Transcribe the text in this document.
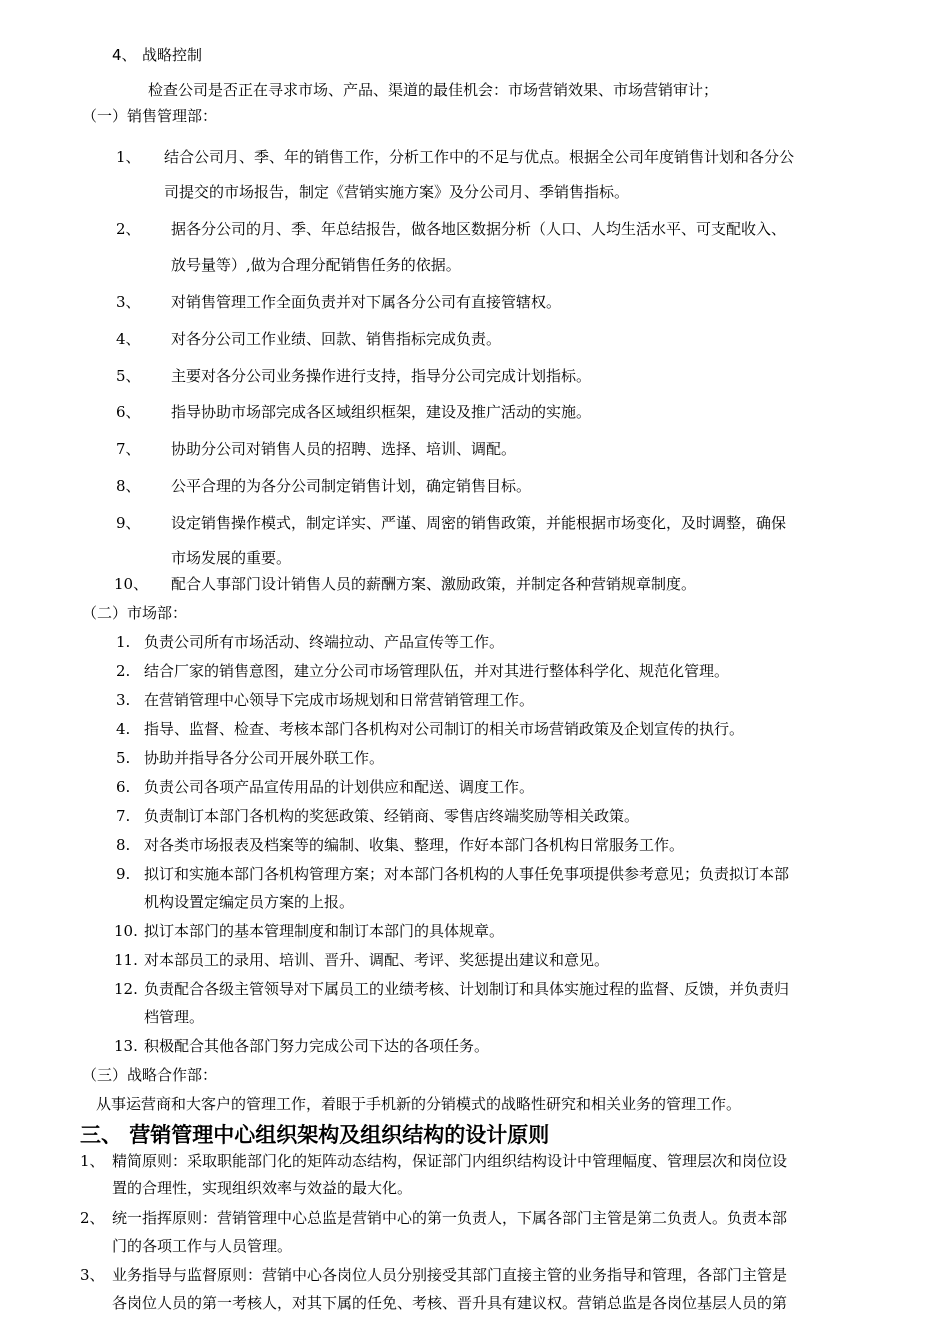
4、 战略控制
检查公司是否正在寻求市场、产品、渠道的最佳机会：市场营销效果、市场营销审计；
（一）销售管理部：
1、 结合公司月、季、年的销售工作，分析工作中的不足与优点。根据全公司年度销售计划和各分公
司提交的市场报告，制定《营销实施方案》及分公司月、季销售指标。
2、 据各分公司的月、季、年总结报告，做各地区数据分析（人口、人均生活水平、可支配收入、
放号量等）,做为合理分配销售任务的依据。
3、 对销售管理工作全面负责并对下属各分公司有直接管辖权。
4、 对各分公司工作业绩、回款、销售指标完成负责。
5、 主要对各分公司业务操作进行支持，指导分公司完成计划指标。
6、 指导协助市场部完成各区域组织框架，建设及推广活动的实施。
7、 协助分公司对销售人员的招聘、选择、培训、调配。
8、 公平合理的为各分公司制定销售计划，确定销售目标。
9、 设定销售操作模式，制定详实、严谨、周密的销售政策，并能根据市场变化，及时调整，确保
市场发展的重要。
10、 配合人事部门设计销售人员的薪酬方案、激励政策，并制定各种营销规章制度。
（二）市场部：
1. 负责公司所有市场活动、终端拉动、产品宣传等工作。
2. 结合厂家的销售意图，建立分公司市场管理队伍，并对其进行整体科学化、规范化管理。
3. 在营销管理中心领导下完成市场规划和日常营销管理工作。
4. 指导、监督、检查、考核本部门各机构对公司制订的相关市场营销政策及企划宣传的执行。
5. 协助并指导各分公司开展外联工作。
6. 负责公司各项产品宣传用品的计划供应和配送、调度工作。
7. 负责制订本部门各机构的奖惩政策、经销商、零售店终端奖励等相关政策。
8. 对各类市场报表及档案等的编制、收集、整理，作好本部门各机构日常服务工作。
9. 拟订和实施本部门各机构管理方案；对本部门各机构的人事任免事项提供参考意见；负责拟订本部
机构设置定编定员方案的上报。
10. 拟订本部门的基本管理制度和制订本部门的具体规章。
11. 对本部员工的录用、培训、晋升、调配、考评、奖惩提出建议和意见。
12. 负责配合各级主管领导对下属员工的业绩考核、计划制订和具体实施过程的监督、反馈，并负责归
档管理。
13. 积极配合其他各部门努力完成公司下达的各项任务。
（三）战略合作部：
从事运营商和大客户的管理工作，着眼于手机新的分销模式的战略性研究和相关业务的管理工作。
三、 营销管理中心组织架构及组织结构的设计原则
1、 精简原则：采取职能部门化的矩阵动态结构，保证部门内组织结构设计中管理幅度、管理层次和岗位设
置的合理性，实现组织效率与效益的最大化。
2、 统一指挥原则：营销管理中心总监是营销中心的第一负责人，下属各部门主管是第二负责人。负责本部
门的各项工作与人员管理。
3、 业务指导与监督原则：营销中心各岗位人员分别接受其部门直接主管的业务指导和管理，各部门主管是
各岗位人员的第一考核人，对其下属的任免、考核、晋升具有建议权。营销总监是各岗位基层人员的第
